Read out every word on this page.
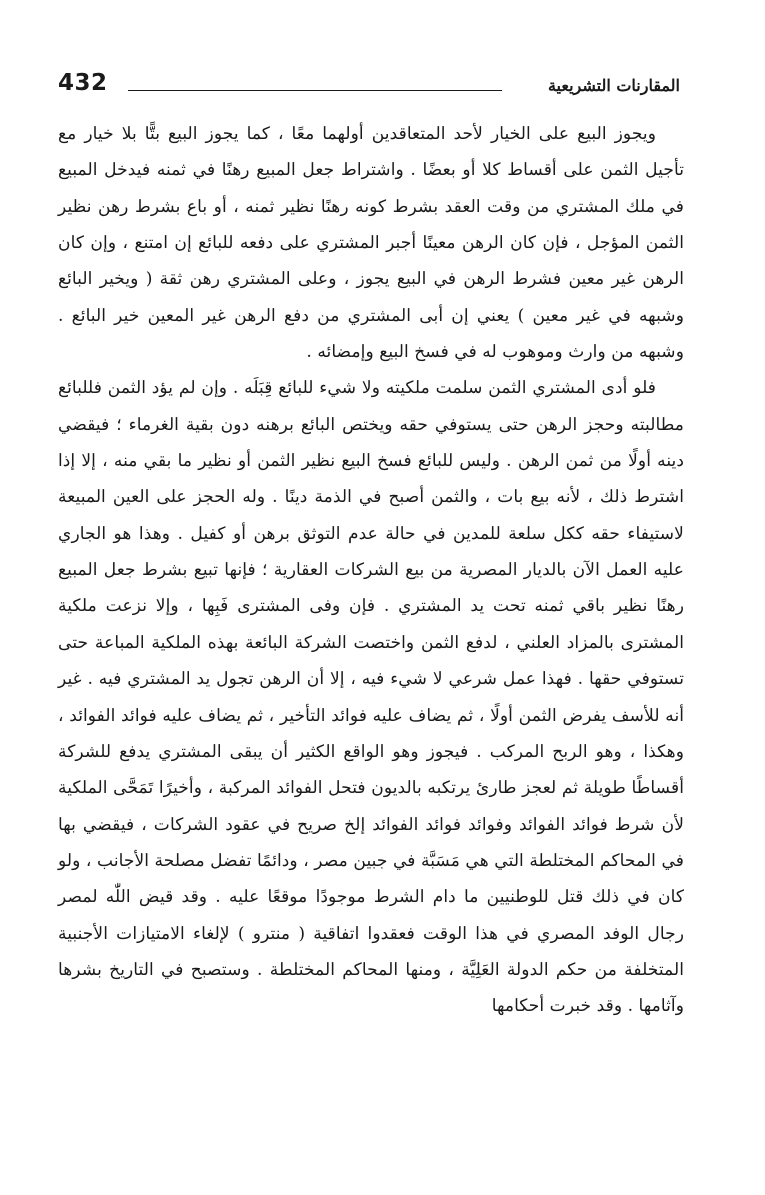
المقارنات التشريعية
432

ويجوز البيع على الخيار لأحد المتعاقدين أولهما معًا ، كما يجوز البيع بتًّا بلا خيار مع تأجيل الثمن على أقساط كلا أو بعضًا . واشتراط جعل المبيع رهنًا في ثمنه فيدخل المبيع في ملك المشتري من وقت العقد بشرط كونه رهنًا نظير ثمنه ، أو باع بشرط رهن نظير الثمن المؤجل ، فإن كان الرهن معينًا أجبر المشتري على دفعه للبائع إن امتنع ، وإن كان الرهن غير معين فشرط الرهن في البيع يجوز ، وعلى المشتري رهن ثقة ( ويخير البائع وشبهه في غير معين ) يعني إن أبى المشتري من دفع الرهن غير المعين خير البائع . وشبهه من وارث وموهوب له في فسخ البيع وإمضائه .

فلو أدى المشتري الثمن سلمت ملكيته ولا شيء للبائع قِبَلَه . وإن لم يؤد الثمن فللبائع مطالبته وحجز الرهن حتى يستوفي حقه ويختص البائع برهنه دون بقية الغرماء ؛ فيقضي دينه أولًا من ثمن الرهن . وليس للبائع فسخ البيع نظير الثمن أو نظير ما بقي منه ، إلا إذا اشترط ذلك ، لأنه بيع بات ، والثمن أصبح في الذمة دينًا . وله الحجز على العين المبيعة لاستيفاء حقه ككل سلعة للمدين في حالة عدم التوثق برهن أو كفيل . وهذا هو الجاري عليه العمل الآن بالديار المصرية من بيع الشركات العقارية ؛ فإنها تبيع بشرط جعل المبيع رهنًا نظير باقي ثمنه تحت يد المشتري . فإن وفى المشترى فَبِها ، وإلا نزعت ملكية المشترى بالمزاد العلني ، لدفع الثمن واختصت الشركة البائعة بهذه الملكية المباعة حتى تستوفي حقها . فهذا عمل شرعي لا شيء فيه ، إلا أن الرهن تجول يد المشتري فيه . غير أنه للأسف يفرض الثمن أولًا ، ثم يضاف عليه فوائد التأخير ، ثم يضاف عليه فوائد الفوائد ، وهكذا ، وهو الربح المركب . فيجوز وهو الواقع الكثير أن يبقى المشتري يدفع للشركة أقساطًا طويلة ثم لعجز طارئ يرتكبه بالديون فتحل الفوائد المركبة ، وأخيرًا تَمَحَّى الملكية لأن شرط فوائد الفوائد وفوائد فوائد الفوائد إلخ صريح في عقود الشركات ، فيقضي بها في المحاكم المختلطة التي هي مَسَبَّة في جبين مصر ، ودائمًا تفضل مصلحة الأجانب ، ولو كان في ذلك قتل للوطنيين ما دام الشرط موجودًا موقعًا عليه . وقد قيض اللّٰه لمصر رجال الوفد المصري في هذا الوقت فعقدوا اتفاقية ( منترو ) لإلغاء الامتيازات الأجنبية المتخلفة من حكم الدولة العَلِيَّة ، ومنها المحاكم المختلطة . وستصبح في التاريخ بشرها وآثامها . وقد خبرت أحكامها
